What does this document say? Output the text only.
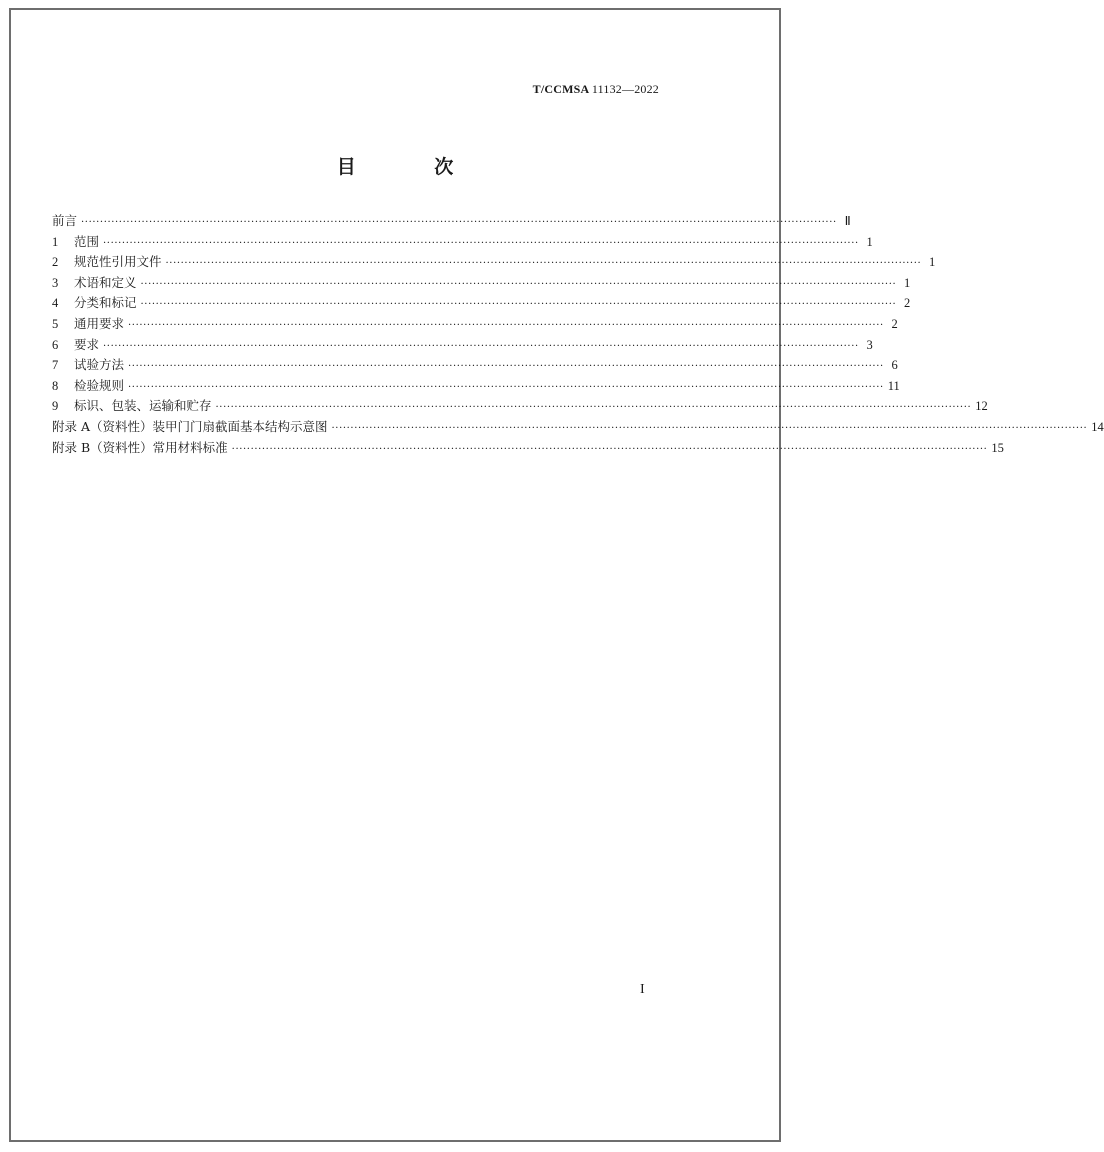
T/CCMSA 11132—2022
目 次
前言 ········································································································································································································ Ⅱ
1	范围 ········································································································································································································ 1
2	规范性引用文件 ········································································································································································································ 1
3	术语和定义 ········································································································································································································ 1
4	分类和标记 ········································································································································································································ 2
5	通用要求 ········································································································································································································ 2
6	要求 ········································································································································································································ 3
7	试验方法 ········································································································································································································ 6
8	检验规则 ········································································································································································································ 11
9	标识、包装、运输和贮存 ········································································································································································································ 12
附录 A（资料性）装甲门门扇截面基本结构示意图 ········································································································································································································ 14
附录 B（资料性）常用材料标准 ········································································································································································································ 15
I
